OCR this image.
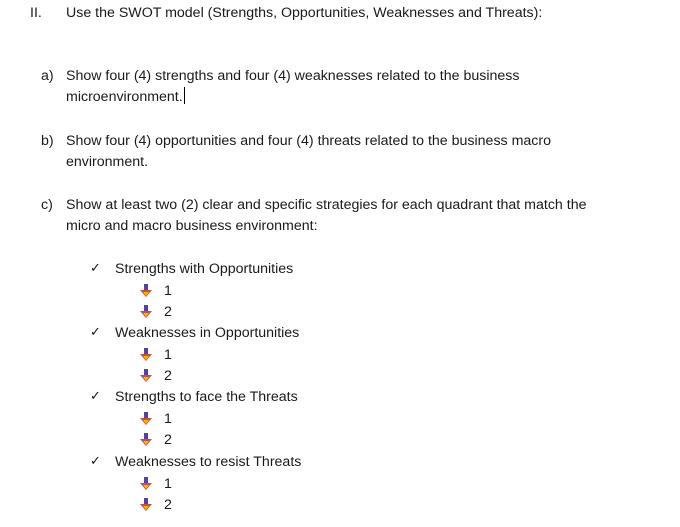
II. Use the SWOT model (Strengths, Opportunities, Weaknesses and Threats):
a) Show four (4) strengths and four (4) weaknesses related to the business
microenvironment.
b) Show four (4) opportunities and four (4) threats related to the business macro
environment.
c) Show at least two (2) clear and specific strategies for each quadrant that match the
micro and macro business environment:
✓ Strengths with Opportunities
1
2
✓ Weaknesses in Opportunities
1
2
✓ Strengths to face the Threats
1
2
✓ Weaknesses to resist Threats
1
2
